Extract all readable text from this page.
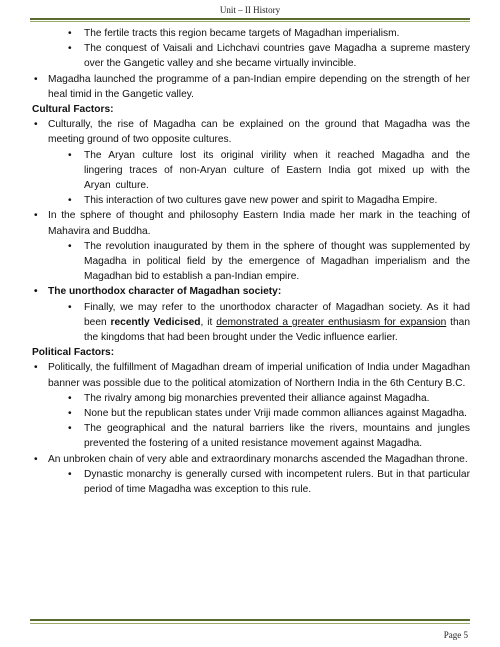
Unit – II History

• The fertile tracts this region became targets of Magadhan imperialism.

• The conquest of Vaisali and Lichchavi countries gave Magadha a supreme mastery over the Gangetic valley and she became virtually invincible.

• Magadha launched the programme of a pan-Indian empire depending on the strength of her heal timid in the Gangetic valley.

Cultural Factors:

• Culturally, the rise of Magadha can be explained on the ground that Magadha was the meeting ground of two opposite cultures.

• The Aryan culture lost its original virility when it reached Magadha and the lingering traces of non-Aryan culture of Eastern India got mixed up with the Aryan culture.

• This interaction of two cultures gave new power and spirit to Magadha Empire.

• In the sphere of thought and philosophy Eastern India made her mark in the teaching of Mahavira and Buddha.

• The revolution inaugurated by them in the sphere of thought was supplemented by Magadha in political field by the emergence of Magadhan imperialism and the Magadhan bid to establish a pan-Indian empire.

• The unorthodox character of Magadhan society:

• Finally, we may refer to the unorthodox character of Magadhan society. As it had been recently Vedicised, it demonstrated a greater enthusiasm for expansion than the kingdoms that had been brought under the Vedic influence earlier.

Political Factors:

• Politically, the fulfillment of Magadhan dream of imperial unification of India under Magadhan banner was possible due to the political atomization of Northern India in the 6th Century B.C.

• The rivalry among big monarchies prevented their alliance against Magadha.

• None but the republican states under Vriji made common alliances against Magadha.

• The geographical and the natural barriers like the rivers, mountains and jungles prevented the fostering of a united resistance movement against Magadha.

• An unbroken chain of very able and extraordinary monarchs ascended the Magadhan throne.

• Dynastic monarchy is generally cursed with incompetent rulers. But in that particular period of time Magadha was exception to this rule.

Page 5
